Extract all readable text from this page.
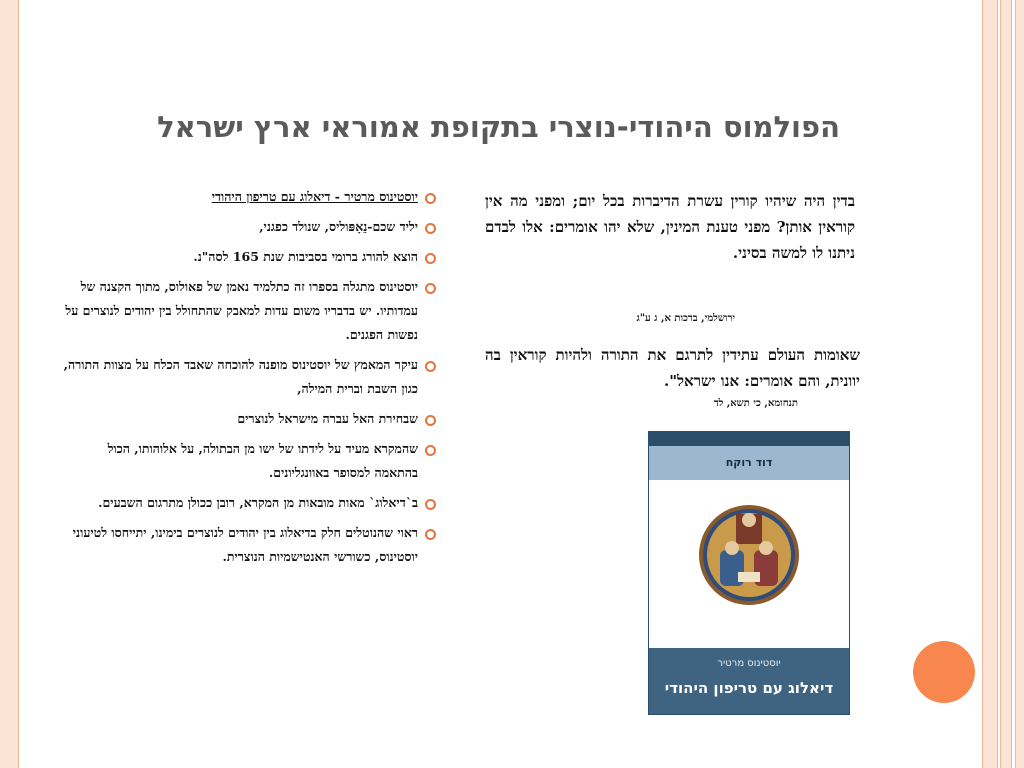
הפולמוס היהודי-נוצרי בתקופת אמוראי ארץ ישראל
יוסטינוס מרטיר - דיאלוג עם טריפון היהודי
יליד שכם-נֵאָפּוליס, שנולד כפגני,
הוצא להורג ברומי בסביבות שנת 165 לסה"נ.
יוסטינוס מתגלה בספרו זה כתלמיד נאמן של פאולוס, מתוך הקצנה של עמדותיו. יש בדבריו משום עדות למאבק שהתחולל בין יהודים לנוצרים על נפשות הפגנים.
עיקר המאמץ של יוסטינוס מופנה להוכחה שאבד הכלח על מצוות התורה, כגון השבת וברית המילה,
שבחירת האל עברה מישראל לנוצרים
שהמקרא מעיד על לידתו של ישו מן הבתולה, על אלוהותו, הכול בהתאמה למסופר באוונגליונים.
ב`דיאלוג` מאות מובאות מן המקרא, רובן ככולן מתרגום השבעים.
ראוי שהנוטלים חלק בדיאלוג בין יהודים לנוצרים בימינו, יתייחסו לטיעוני יוסטינוס, כשורשי האנטישמיות הנוצרית.
בדין היה שיהיו קורין עשרת הדיברות בכל יום; ומפני מה אין קוראין אותן? מפני טענת המינין, שלא יהו אומרים: אלו לבדם ניתנו לו למשה בסיני.
ירושלמי, ברכות א, ג ע"ג
שאומות העולם עתידין לתרגם את התורה ולהיות קוראין בה יוונית, והם אומרים: אנו ישראל".
תנחומא, כי תשא, לד
דוד רוקח
יוסטינוס מרטיר
דיאלוג עם טריפון היהודי
